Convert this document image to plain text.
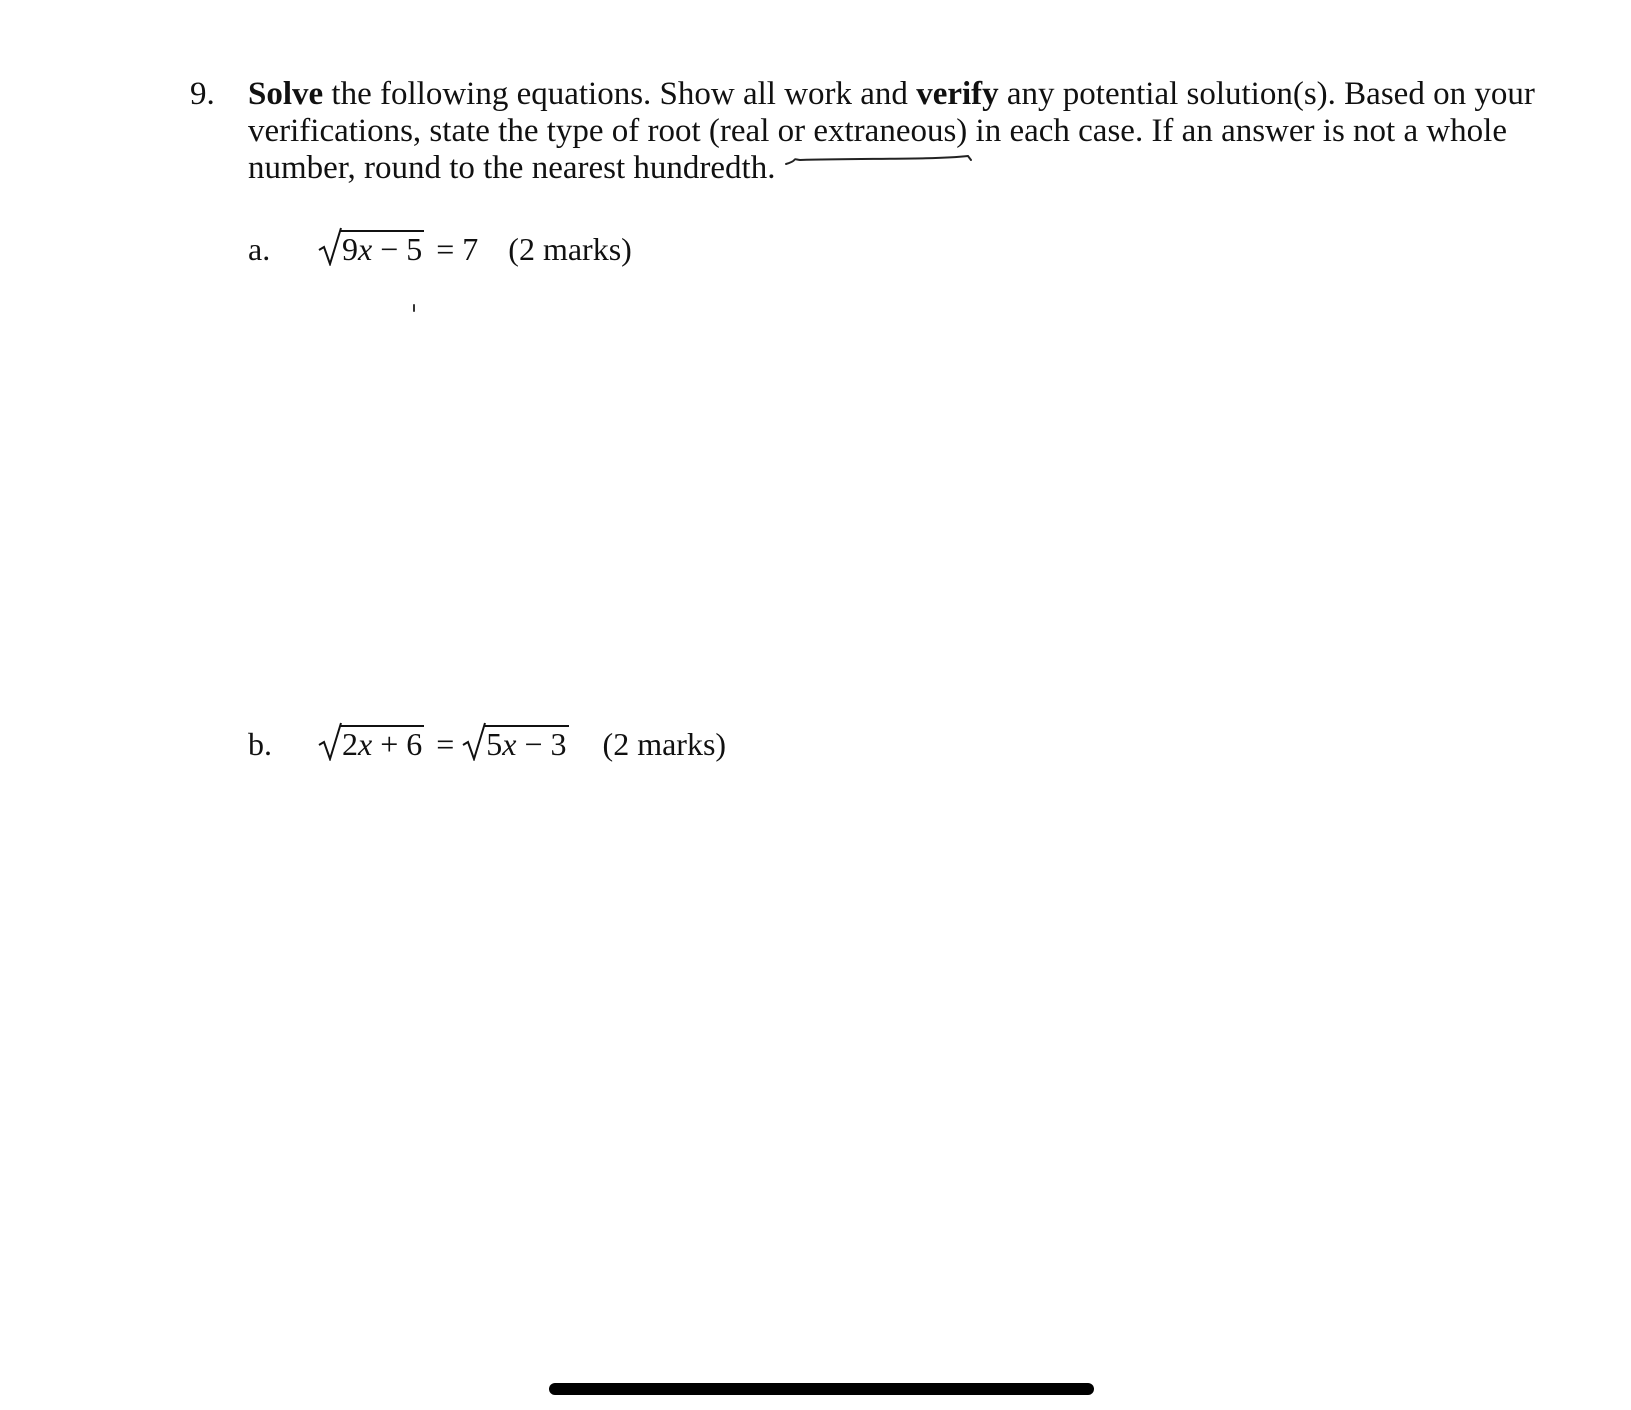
9. Solve the following equations. Show all work and verify any potential solution(s). Based on your verifications, state the type of root (real or extraneous) in each case. If an answer is not a whole number, round to the nearest hundredth.
a. 9x − 5 = 7 (2 marks)
b. 2x + 6 = 5x − 3 (2 marks)
